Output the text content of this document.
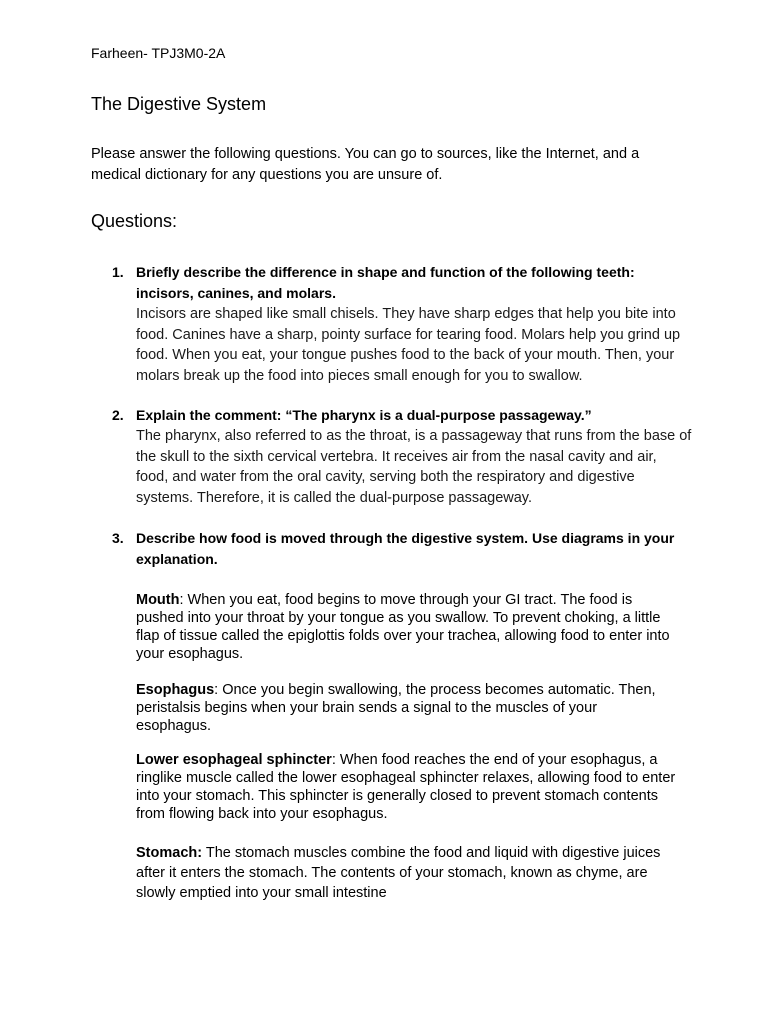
Farheen- TPJ3M0-2A
The Digestive System

Please answer the following questions. You can go to sources, like the Internet, and a medical dictionary for any questions you are unsure of.

Questions:
1. Briefly describe the difference in shape and function of the following teeth: incisors, canines, and molars.

Incisors are shaped like small chisels. They have sharp edges that help you bite into food. Canines have a sharp, pointy surface for tearing food. Molars help you grind up food. When you eat, your tongue pushes food to the back of your mouth. Then, your molars break up the food into pieces small enough for you to swallow.

2. Explain the comment: “The pharynx is a dual-purpose passageway.”

The pharynx, also referred to as the throat, is a passageway that runs from the base of the skull to the sixth cervical vertebra. It receives air from the nasal cavity and air, food, and water from the oral cavity, serving both the respiratory and digestive systems. Therefore, it is called the dual-purpose passageway.

3. Describe how food is moved through the digestive system. Use diagrams in your explanation.

Mouth: When you eat, food begins to move through your GI tract. The food is pushed into your throat by your tongue as you swallow. To prevent choking, a little flap of tissue called the epiglottis folds over your trachea, allowing food to enter into your esophagus.

Esophagus: Once you begin swallowing, the process becomes automatic. Then, peristalsis begins when your brain sends a signal to the muscles of your esophagus.

Lower esophageal sphincter: When food reaches the end of your esophagus, a ringlike muscle called the lower esophageal sphincter relaxes, allowing food to enter into your stomach. This sphincter is generally closed to prevent stomach contents from flowing back into your esophagus.

Stomach: The stomach muscles combine the food and liquid with digestive juices after it enters the stomach. The contents of your stomach, known as chyme, are slowly emptied into your small intestine
